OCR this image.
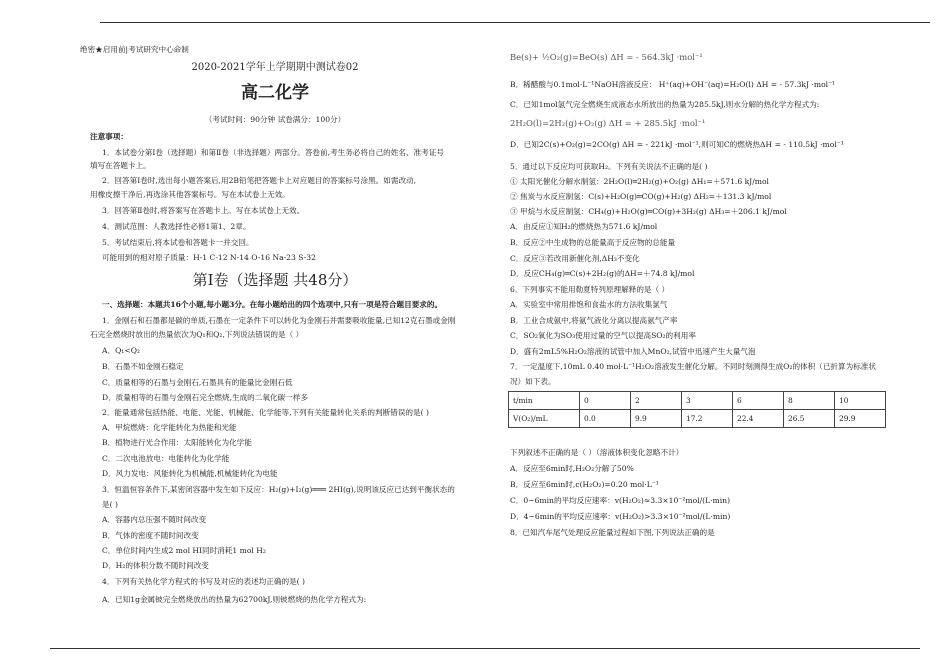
绝密★启用前|考试研究中心命制
2020-2021学年上学期期中测试卷02
高二化学
（考试时间：90分钟 试卷满分：100分）
注意事项：
1．本试卷分第Ⅰ卷（选择题）和第Ⅱ卷（非选择题）两部分。答卷前,考生务必将自己的姓名、准考证号
填写在答题卡上。
2．回答第Ⅰ卷时,选出每小题答案后,用2B铅笔把答题卡上对应题目的答案标号涂黑。如需改动,
用橡皮擦干净后,再选涂其他答案标号。写在本试卷上无效。
3．回答第Ⅱ卷时,将答案写在答题卡上。写在本试卷上无效。
4．测试范围：人教选择性必修1第1、2章。
5．考试结束后,将本试卷和答题卡一并交回。
可能用到的相对原子质量：H-1 C-12 N-14 O-16 Na-23 S-32
第Ⅰ卷（选择题 共48分）
一、选择题：本题共16个小题,每小题3分。在每小题给出的四个选项中,只有一项是符合题目要求的。
1．金刚石和石墨都是碳的单质,石墨在一定条件下可以转化为金刚石并需要吸收能量,已知12克石墨或金刚
石完全燃烧时放出的热量依次为Q₁和Q₂,下列说法错误的是（ ）
A．Q₁<Q₂
B．石墨不如金刚石稳定
C．质量相等的石墨与金刚石,石墨具有的能量比金刚石低
D．质量相等的石墨与金刚石完全燃烧,生成的二氧化碳一样多
2．能量通常包括热能、电能、光能、机械能、化学能等,下列有关能量转化关系的判断错误的是( )
A．甲烷燃烧：化学能转化为热能和光能
B．植物进行光合作用：太阳能转化为化学能
C．二次电池放电：电能转化为化学能
D．风力发电：风能转化为机械能,机械能转化为电能
3．恒温恒容条件下,某密闭容器中发生如下反应：H₂(g)+I₂(g)═══ 2HI(g),说明该反应已达到平衡状态的
是( )
A．容器内总压强不随时间改变
B．气体的密度不随时间改变
C．单位时间内生成2 mol HI同时消耗1 mol H₂
D．H₂的体积分数不随时间改变
4．下列有关热化学方程式的书写及对应的表述均正确的是( )
A．已知1g金属铍完全燃烧放出的热量为62700kJ,则铍燃烧的热化学方程式为:
Be(s)+ ½O₂(g)=BeO(s) ΔH = - 564.3kJ ·mol⁻¹
B．稀醋酸与0.1mol·L⁻¹NaOH溶液反应： H⁺(aq)+OH⁻(aq)=H₂O(l) ΔH = - 57.3kJ ·mol⁻¹
C．已知1mol氢气完全燃烧生成液态水所放出的热量为285.5kJ,则水分解的热化学方程式为:
2H₂O(l)=2H₂(g)+O₂(g) ΔH = + 285.5kJ ·mol⁻¹
D．已知2C(s)+O₂(g)=2CO(g) ΔH = - 221kJ ·mol⁻¹,则可知C的燃烧热ΔH = - 110.5kJ ·mol⁻¹
5．通过以下反应均可获取H₂。下列有关说法不正确的是( )
① 太阳光催化分解水制氢：2H₂O(l)═2H₂(g)+O₂(g) ΔH₁=＋571.6 kJ/mol
② 焦炭与水反应制氢：C(s)+H₂O(g)═CO(g)+H₂(g) ΔH₂=＋131.3 kJ/mol
③ 甲烷与水反应制氢：CH₄(g)+H₂O(g)═CO(g)+3H₂(g) ΔH₃=＋206.1 kJ/mol
A．由反应①知H₂的燃烧热为571.6 kJ/mol
B．反应②中生成物的总能量高于反应物的总能量
C．反应③若改用新催化剂,ΔH₃不变化
D．反应CH₄(g)═C(s)+2H₂(g)的ΔH=＋74.8 kJ/mol
6．下列事实不能用勒夏特列原理解释的是（ ）
A．实验室中常用排饱和食盐水的方法收集氯气
B．工业合成氨中,将氨气液化分离以提高氨气产率
C．SO₂氧化为SO₃使用过量的空气以提高SO₂的利用率
D．盛有2mL5%H₂O₂溶液的试管中加入MnO₂,试管中迅速产生大量气泡
7．一定温度下,10mL 0.40 mol·L⁻¹H₂O₂溶液发生催化分解。不同时刻测得生成O₂的体积（已折算为标准状
况）如下表。
t/min	0	2	3	6	8	10
V(O₂)/mL	0.0	9.9	17.2	22.4	26.5	29.9
下列叙述不正确的是（ ）（溶液体积变化忽略不计）
A．反应至6min时,H₂O₂分解了50%
B．反应至6min时,c(H₂O₂)=0.20 mol·L⁻¹
C．0~6min的平均反应速率：v(H₂O₂)≈3.3×10⁻²mol/(L·min)
D．4~6min的平均反应速率：v(H₂O₂)>3.3×10⁻²mol/(L·min)
8．已知汽车尾气处理反应能量过程如下图,下列说法正确的是
